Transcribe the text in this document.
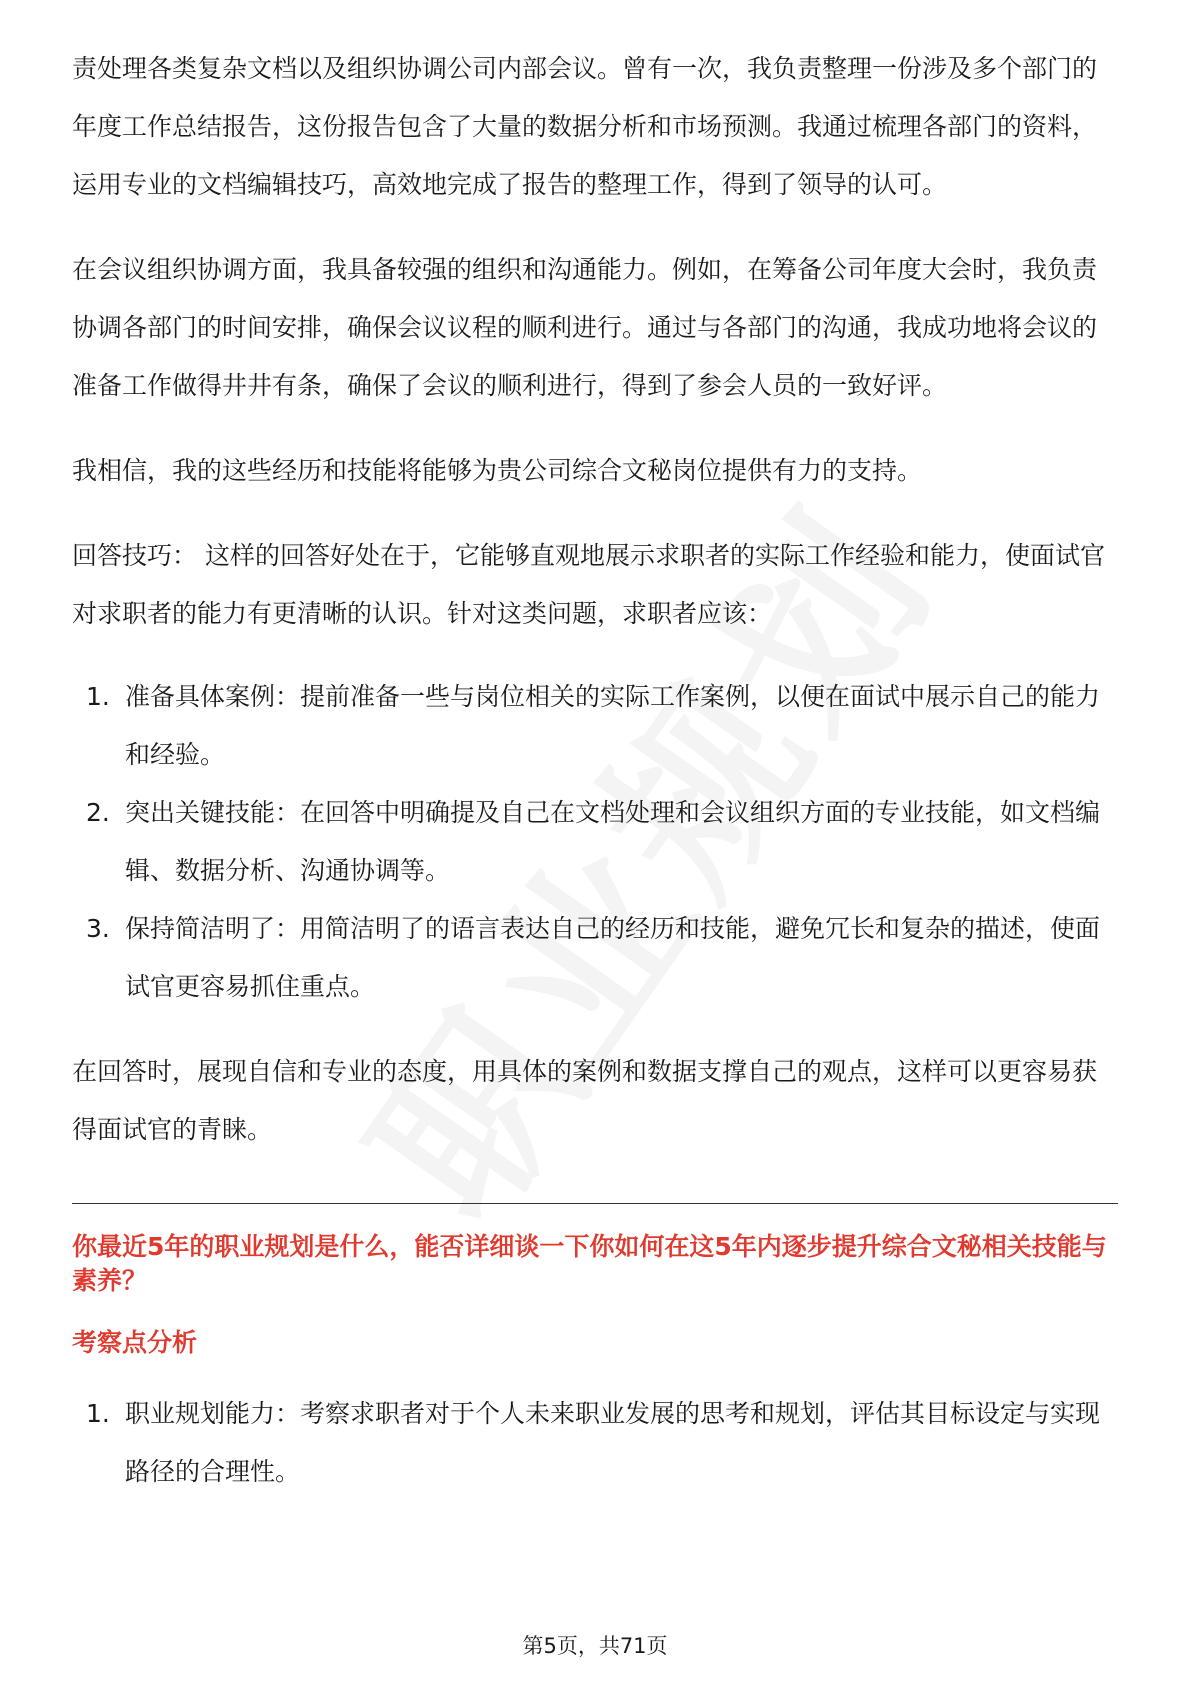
责处理各类复杂文档以及组织协调公司内部会议。曾有一次，我负责整理一份涉及多个部门的年度工作总结报告，这份报告包含了大量的数据分析和市场预测。我通过梳理各部门的资料，运用专业的文档编辑技巧，高效地完成了报告的整理工作，得到了领导的认可。

在会议组织协调方面，我具备较强的组织和沟通能力。例如，在筹备公司年度大会时，我负责协调各部门的时间安排，确保会议议程的顺利进行。通过与各部门的沟通，我成功地将会议的准备工作做得井井有条，确保了会议的顺利进行，得到了参会人员的一致好评。

我相信，我的这些经历和技能将能够为贵公司综合文秘岗位提供有力的支持。

回答技巧： 这样的回答好处在于，它能够直观地展示求职者的实际工作经验和能力，使面试官对求职者的能力有更清晰的认识。针对这类问题，求职者应该：

1. 准备具体案例：提前准备一些与岗位相关的实际工作案例，以便在面试中展示自己的能力和经验。
2. 突出关键技能：在回答中明确提及自己在文档处理和会议组织方面的专业技能，如文档编辑、数据分析、沟通协调等。
3. 保持简洁明了：用简洁明了的语言表达自己的经历和技能，避免冗长和复杂的描述，使面试官更容易抓住重点。

在回答时，展现自信和专业的态度，用具体的案例和数据支撑自己的观点，这样可以更容易获得面试官的青睐。

你最近5年的职业规划是什么，能否详细谈一下你如何在这5年内逐步提升综合文秘相关技能与素养？

考察点分析

1. 职业规划能力：考察求职者对于个人未来职业发展的思考和规划，评估其目标设定与实现路径的合理性。
第5页，共71页
